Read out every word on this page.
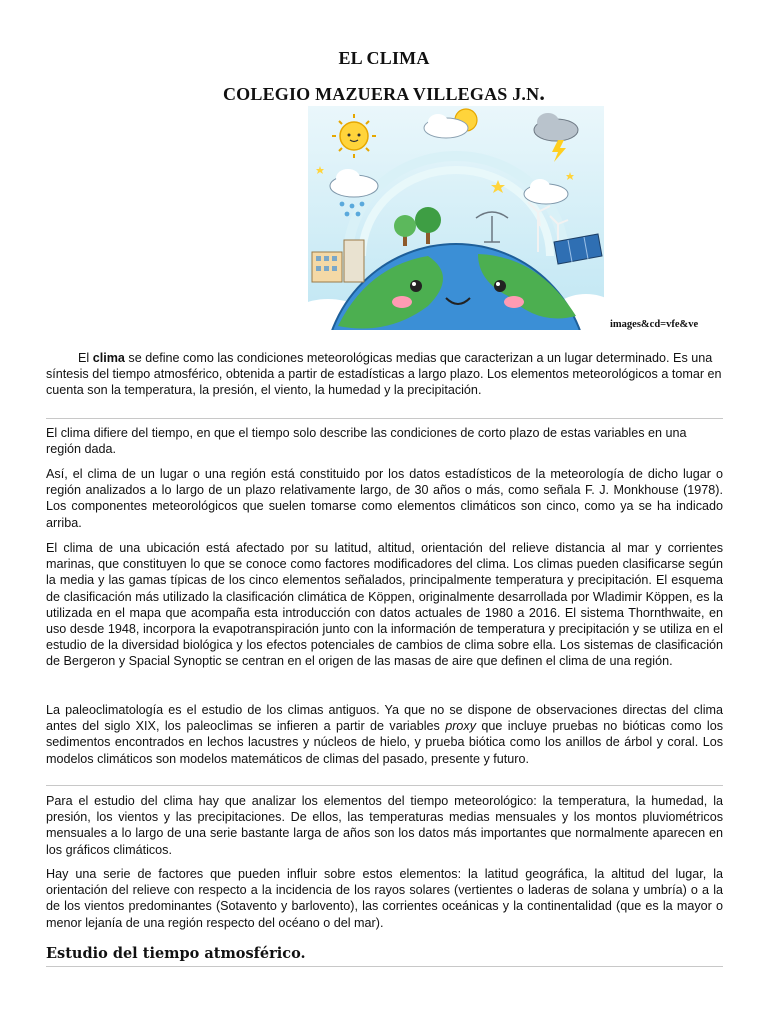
EL CLIMA
COLEGIO MAZUERA VILLEGAS J.N.
images&cd=vfe&ve
El clima se define como las condiciones meteorológicas medias que caracterizan a un lugar determinado. Es una síntesis del tiempo atmosférico, obtenida a partir de estadísticas a largo plazo. Los elementos meteorológicos a tomar en cuenta son la temperatura, la presión, el viento, la humedad y la precipitación.
El clima difiere del tiempo, en que el tiempo solo describe las condiciones de corto plazo de estas variables en una región dada.
Así, el clima de un lugar o una región está constituido por los datos estadísticos de la meteorología de dicho lugar o región analizados a lo largo de un plazo relativamente largo, de 30 años o más, como señala F. J. Monkhouse (1978). Los componentes meteorológicos que suelen tomarse como elementos climáticos son cinco, como ya se ha indicado arriba.
El clima de una ubicación está afectado por su latitud, altitud, orientación del relieve distancia al mar y corrientes marinas, que constituyen lo que se conoce como factores modificadores del clima. Los climas pueden clasificarse según la media y las gamas típicas de los cinco elementos señalados, principalmente temperatura y precipitación. El esquema de clasificación más utilizado la clasificación climática de Köppen, originalmente desarrollada por Wladimir Köppen, es la utilizada en el mapa que acompaña esta introducción con datos actuales de 1980 a 2016. El sistema Thornthwaite, en uso desde 1948, incorpora la evapotranspiración junto con la información de temperatura y precipitación y se utiliza en el estudio de la diversidad biológica y los efectos potenciales de cambios de clima sobre ella. Los sistemas de clasificación de Bergeron y Spacial Synoptic se centran en el origen de las masas de aire que definen el clima de una región.
La paleoclimatología es el estudio de los climas antiguos. Ya que no se dispone de observaciones directas del clima antes del siglo XIX, los paleoclimas se infieren a partir de variables proxy que incluye pruebas no bióticas como los sedimentos encontrados en lechos lacustres y núcleos de hielo, y prueba biótica como los anillos de árbol y coral. Los modelos climáticos son modelos matemáticos de climas del pasado, presente y futuro.
Para el estudio del clima hay que analizar los elementos del tiempo meteorológico: la temperatura, la humedad, la presión, los vientos y las precipitaciones. De ellos, las temperaturas medias mensuales y los montos pluviométricos mensuales a lo largo de una serie bastante larga de años son los datos más importantes que normalmente aparecen en los gráficos climáticos.
Hay una serie de factores que pueden influir sobre estos elementos: la latitud geográfica, la altitud del lugar, la orientación del relieve con respecto a la incidencia de los rayos solares (vertientes o laderas de solana y umbría) o a la de los vientos predominantes (Sotavento y barlovento), las corrientes oceánicas y la continentalidad (que es la mayor o menor lejanía de una región respecto del océano o del mar).
Estudio del tiempo atmosférico.
